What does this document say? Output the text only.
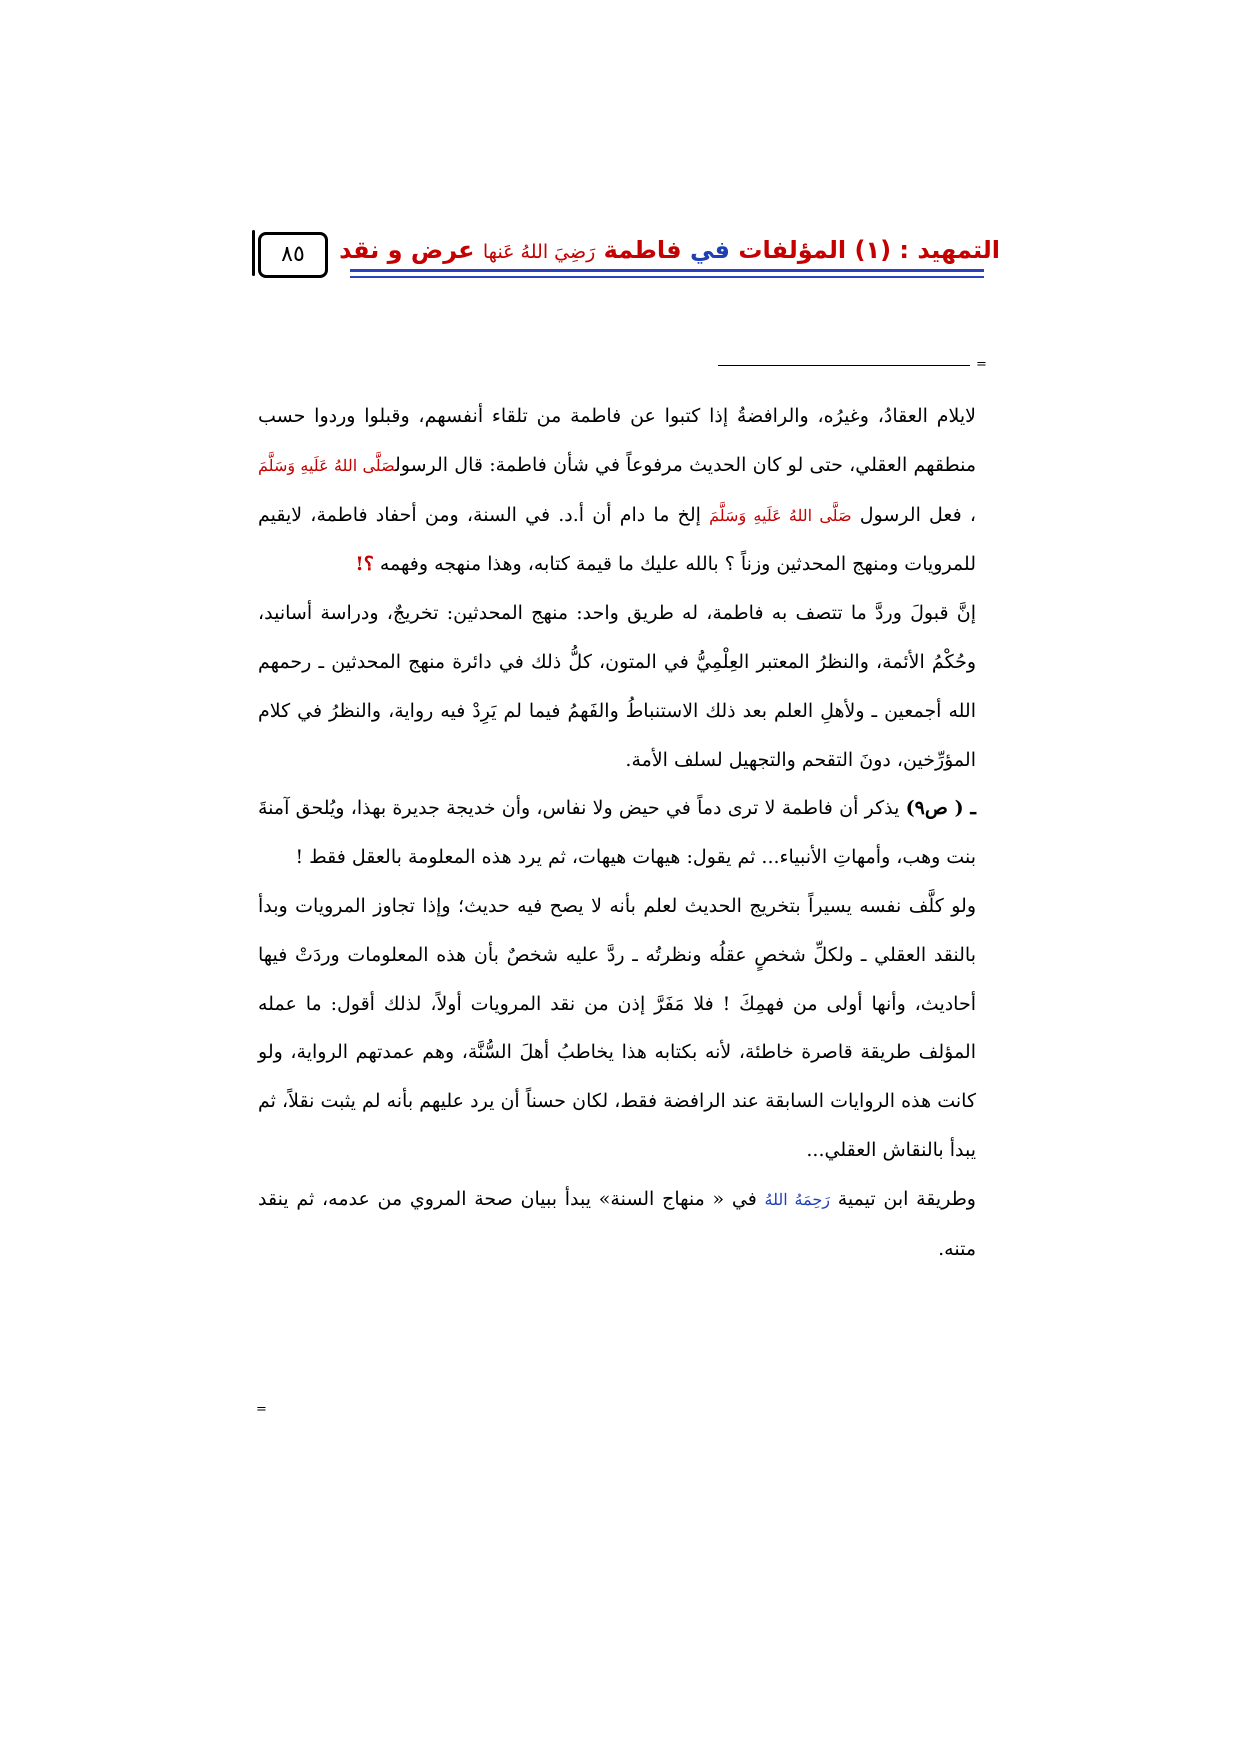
التمهيد : (١) المؤلفات في فاطمة رَضِيَ اللهُ عَنها عرض و نقد
٨٥
=

لايلام العقادُ، وغيرُه، والرافضةُ إذا كتبوا عن فاطمة من تلقاء أنفسهم، وقبلوا وردوا حسب منطقهم العقلي، حتى لو كان الحديث مرفوعاً في شأن فاطمة: قال الرسولصَلَّى اللهُ عَلَيهِ وَسَلَّمَ ، فعل الرسول صَلَّى اللهُ عَلَيهِ وَسَلَّمَ إلخ ما دام أن أ.د. في السنة، ومن أحفاد فاطمة، لايقيم للمرويات ومنهج المحدثين وزناً ؟ بالله عليك ما قيمة كتابه، وهذا منهجه وفهمه ؟!

إنَّ قبولَ وردَّ ما تتصف به فاطمة، له طريق واحد: منهج المحدثين: تخريجٌ، ودراسة أسانيد، وحُكْمُ الأئمة، والنظرُ المعتبر العِلْمِيُّ في المتون، كلُّ ذلك في دائرة منهج المحدثين ـ رحمهم الله أجمعين ـ ولأهلِ العلم بعد ذلك الاستنباطُ والفَهمُ فيما لم يَرِدْ فيه رواية، والنظرُ في كلام المؤرِّخين، دونَ التقحم والتجهيل لسلف الأمة.

ـ ( ص٩) يذكر أن فاطمة لا ترى دماً في حيض ولا نفاس، وأن خديجة جديرة بهذا، ويُلحق آمنةَ بنت وهب، وأمهاتِ الأنبياء... ثم يقول: هيهات هيهات، ثم يرد هذه المعلومة بالعقل فقط !

ولو كلَّف نفسه يسيراً بتخريج الحديث لعلم بأنه لا يصح فيه حديث؛ وإذا تجاوز المرويات وبدأ بالنقد العقلي ـ ولكلِّ شخصٍ عقلُه ونظرتُه ـ ردَّ عليه شخصٌ بأن هذه المعلومات وردَتْ فيها أحاديث، وأنها أولى من فهمِكَ ! فلا مَفَرَّ إذن من نقد المرويات أولاً، لذلك أقول: ما عمله المؤلف طريقة قاصرة خاطئة، لأنه بكتابه هذا يخاطبُ أهلَ السُّنَّة، وهم عمدتهم الرواية، ولو كانت هذه الروايات السابقة عند الرافضة فقط، لكان حسناً أن يرد عليهم بأنه لم يثبت نقلاً، ثم يبدأ بالنقاش العقلي...

وطريقة ابن تيمية رَحِمَهُ اللهُ في « منهاج السنة» يبدأ ببيان صحة المروي من عدمه، ثم ينقد متنه.

=
